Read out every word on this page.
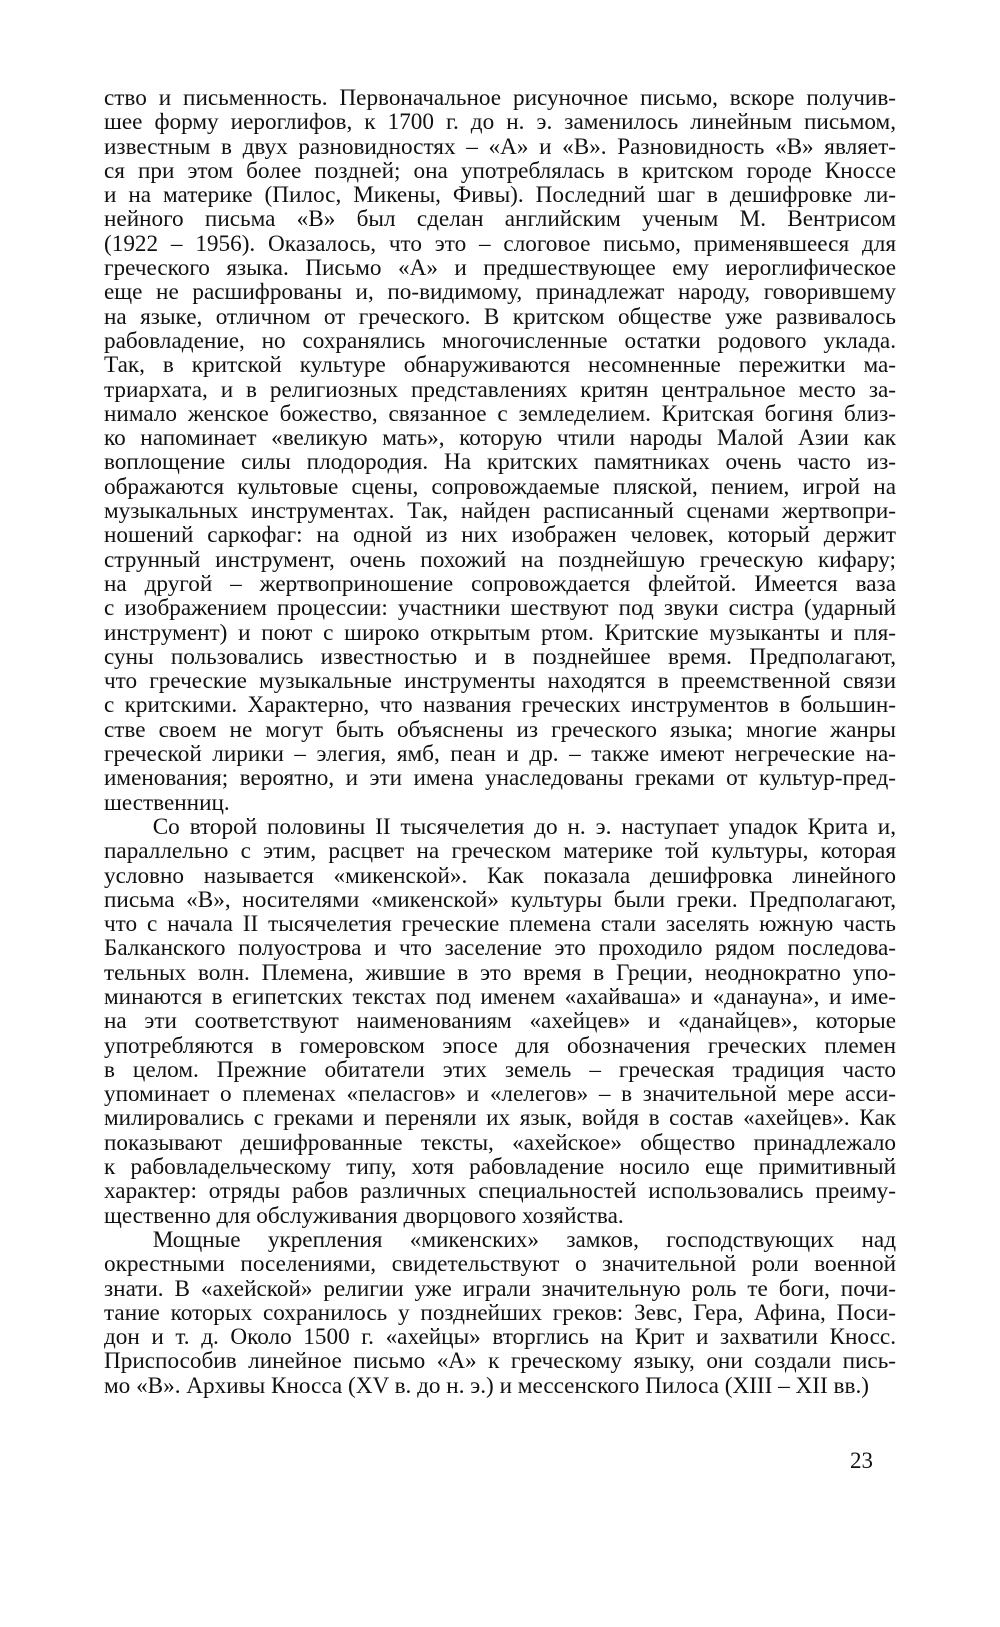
ство и письменность. Первоначальное рисуночное письмо, вскоре получив-
шее форму иероглифов, к 1700 г. до н. э. заменилось линейным письмом,
известным в двух разновидностях – «А» и «В». Разновидность «В» являет-
ся при этом более поздней; она употреблялась в критском городе Кноссе
и на материке (Пилос, Микены, Фивы). Последний шаг в дешифровке ли-
нейного письма «В» был сделан английским ученым М. Вентрисом
(1922 – 1956). Оказалось, что это – слоговое письмо, применявшееся для
греческого языка. Письмо «А» и предшествующее ему иероглифическое
еще не расшифрованы и, по-видимому, принадлежат народу, говорившему
на языке, отличном от греческого. В критском обществе уже развивалось
рабовладение, но сохранялись многочисленные остатки родового уклада.
Так, в критской культуре обнаруживаются несомненные пережитки ма-
триархата, и в религиозных представлениях критян центральное место за-
нимало женское божество, связанное с земледелием. Критская богиня близ-
ко напоминает «великую мать», которую чтили народы Малой Азии как
воплощение силы плодородия. На критских памятниках очень часто из-
ображаются культовые сцены, сопровождаемые пляской, пением, игрой на
музыкальных инструментах. Так, найден расписанный сценами жертвопри-
ношений саркофаг: на одной из них изображен человек, который держит
струнный инструмент, очень похожий на позднейшую греческую кифару;
на другой – жертвоприношение сопровождается флейтой. Имеется ваза
с изображением процессии: участники шествуют под звуки систра (ударный
инструмент) и поют с широко открытым ртом. Критские музыканты и пля-
суны пользовались известностью и в позднейшее время. Предполагают,
что греческие музыкальные инструменты находятся в преемственной связи
с критскими. Характерно, что названия греческих инструментов в большин-
стве своем не могут быть объяснены из греческого языка; многие жанры
греческой лирики – элегия, ямб, пеан и др. – также имеют негреческие на-
именования; вероятно, и эти имена унаследованы греками от культур-пред-
шественниц.
Со второй половины II тысячелетия до н. э. наступает упадок Крита и,
параллельно с этим, расцвет на греческом материке той культуры, которая
условно называется «микенской». Как показала дешифровка линейного
письма «В», носителями «микенской» культуры были греки. Предполагают,
что с начала II тысячелетия греческие племена стали заселять южную часть
Балканского полуострова и что заселение это проходило рядом последова-
тельных волн. Племена, жившие в это время в Греции, неоднократно упо-
минаются в египетских текстах под именем «ахайваша» и «данауна», и име-
на эти соответствуют наименованиям «ахейцев» и «данайцев», которые
употребляются в гомеровском эпосе для обозначения греческих племен
в целом. Прежние обитатели этих земель – греческая традиция часто
упоминает о племенах «пеласгов» и «лелегов» – в значительной мере асси-
милировались с греками и переняли их язык, войдя в состав «ахейцев». Как
показывают дешифрованные тексты, «ахейское» общество принадлежало
к рабовладельческому типу, хотя рабовладение носило еще примитивный
характер: отряды рабов различных специальностей использовались преиму-
щественно для обслуживания дворцового хозяйства.
Мощные укрепления «микенских» замков, господствующих над
окрестными поселениями, свидетельствуют о значительной роли военной
знати. В «ахейской» религии уже играли значительную роль те боги, почи-
тание которых сохранилось у позднейших греков: Зевс, Гера, Афина, Поси-
дон и т. д. Около 1500 г. «ахейцы» вторглись на Крит и захватили Кносс.
Приспособив линейное письмо «А» к греческому языку, они создали пись-
мо «В». Архивы Кносса (XV в. до н. э.) и мессенского Пилоса (XIII – XII вв.)
23
